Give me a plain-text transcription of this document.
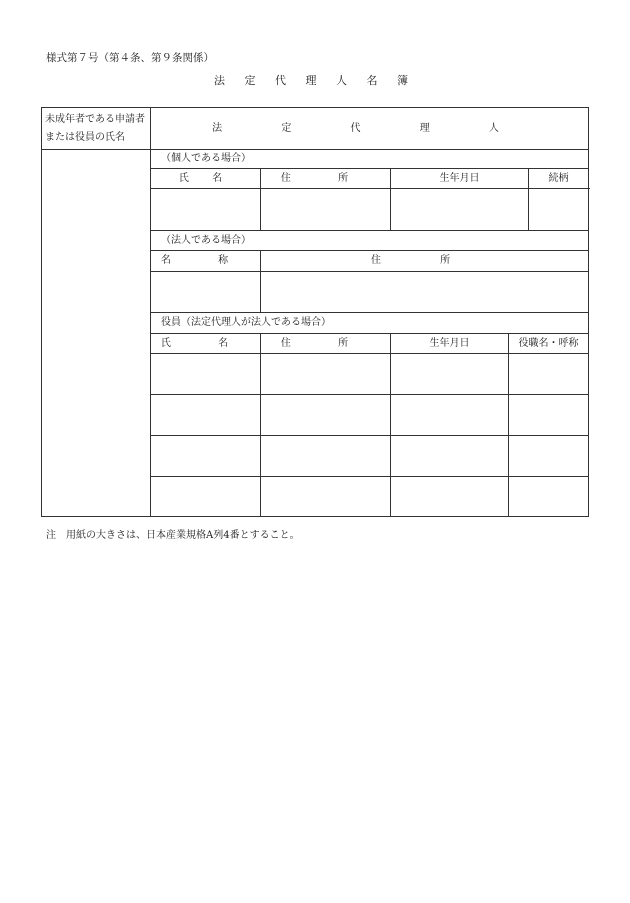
様式第７号（第４条、第９条関係）
法 定 代 理 人 名 簿
未成年者である申請者または役員の氏名	法 定 代 理 人				
	（個人である場合）				
	氏 名	住 所	生年月日		続柄

	（法人である場合）				
	名 称	住 所			

	役員（法定代理人が法人である場合）				
	氏 名	住 所	生年月日	役職名・呼称	

注　用紙の大きさは、日本産業規格A列4番とすること。
